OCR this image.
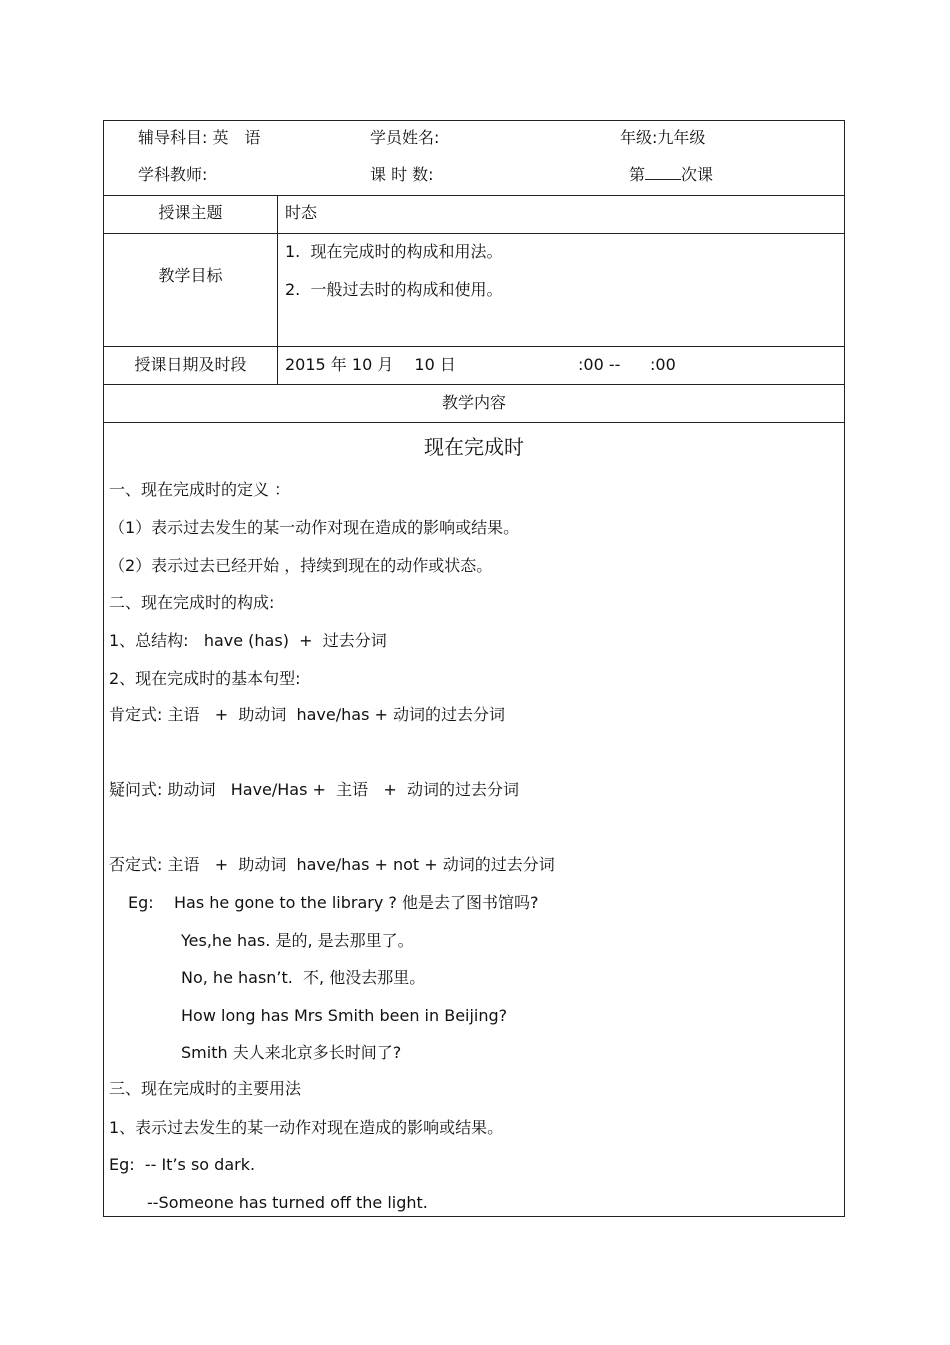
辅导科目: 英　语	学员姓名:	年级:九年级
学科教师:	课 时 数:	第 次课
授课主题	时态
教学目标
1.  现在完成时的构成和用法。
2.  一般过去时的构成和使用。
授课日期及时段	2015 年 10 月　 10 日	:00 -- :00
教学内容
现在完成时
一、现在完成时的定义 ：
（1）表示过去发生的某一动作对现在造成的影响或结果。
（2）表示过去已经开始 ，持续到现在的动作或状态。
二、现在完成时的构成:
1、总结构:   have (has)  +  过去分词
2、现在完成时的基本句型:
肯定式: 主语   +  助动词  have/has + 动词的过去分词
疑问式: 助动词   Have/Has +  主语   +  动词的过去分词
否定式: 主语   +  助动词  have/has + not + 动词的过去分词
Eg:    Has he gone to the library ? 他是去了图书馆吗?
Yes,he has. 是的, 是去那里了。
No, he hasn’t.  不, 他没去那里。
How long has Mrs Smith been in Beijing?
Smith 夫人来北京多长时间了?
三、现在完成时的主要用法
1、表示过去发生的某一动作对现在造成的影响或结果。
Eg:  -- It’s so dark.
--Someone has turned off the light.
